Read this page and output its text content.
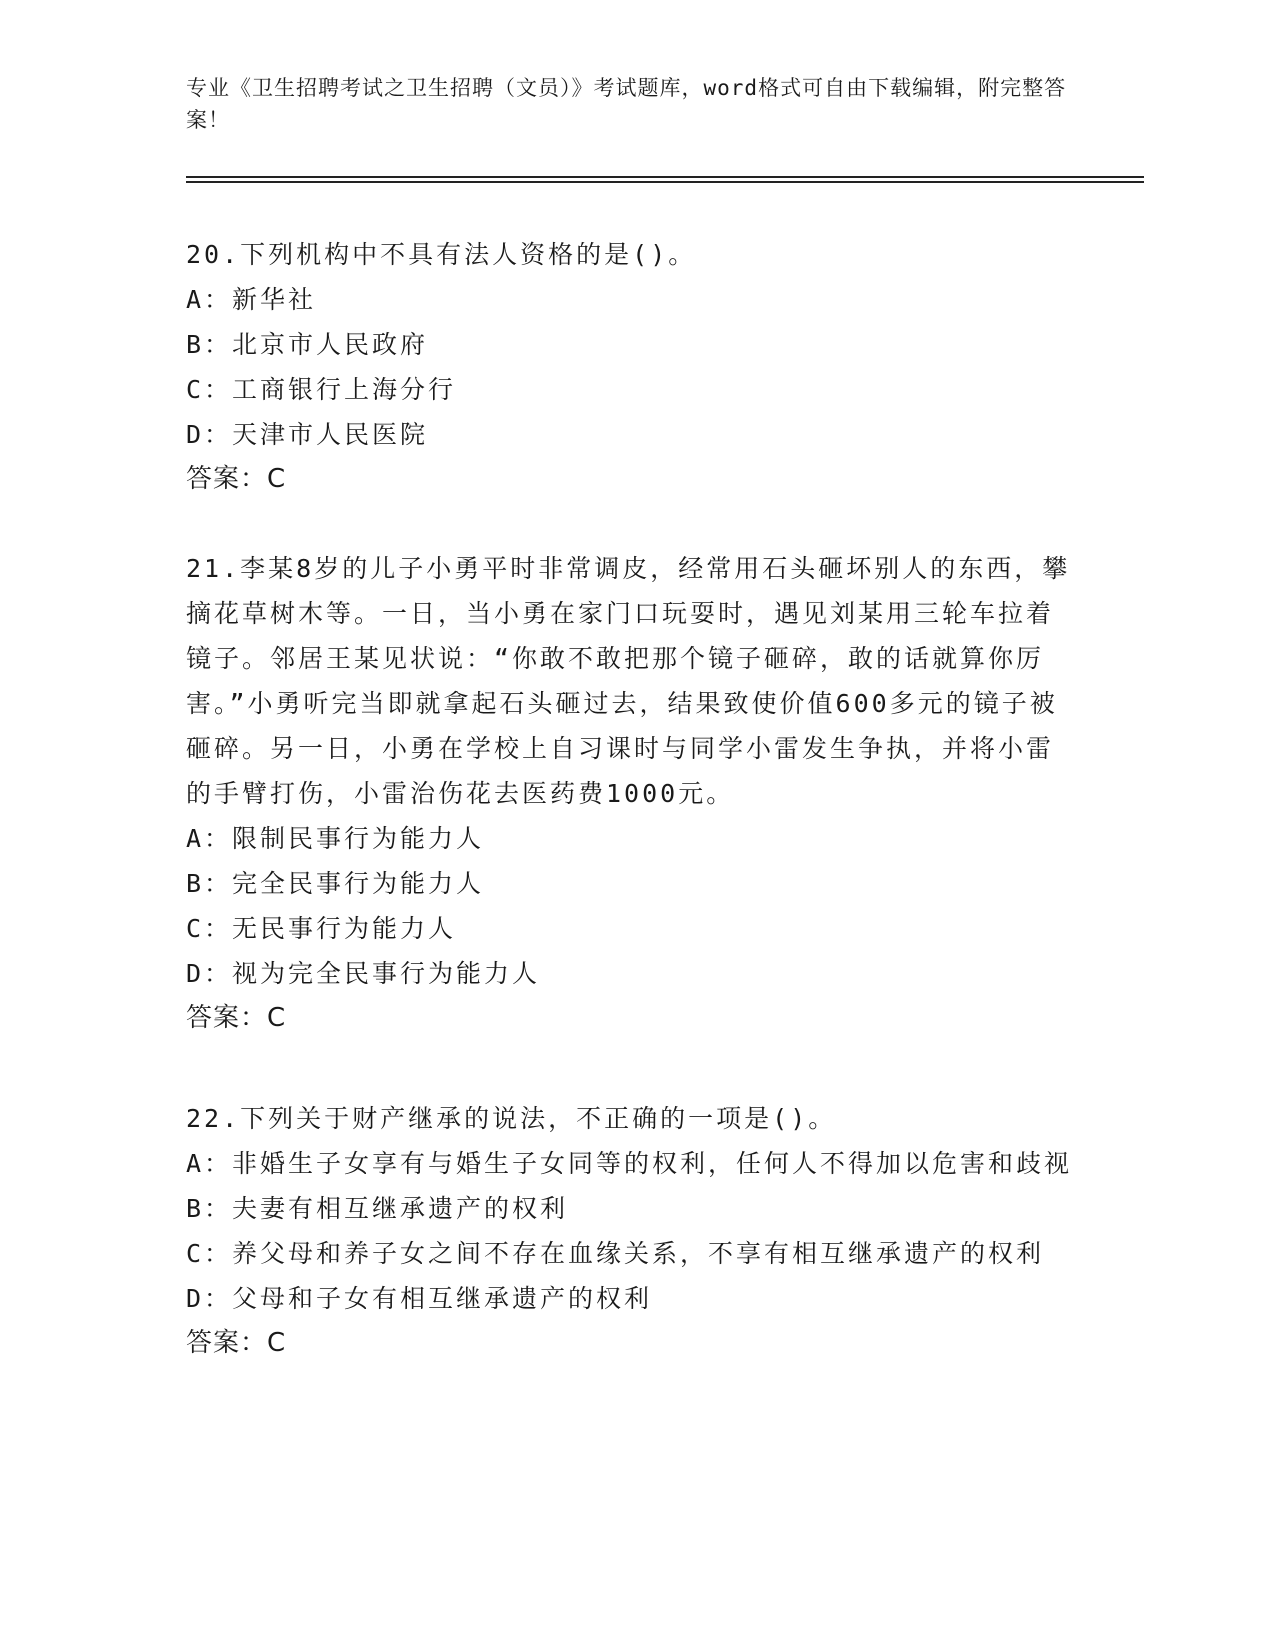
专业《卫生招聘考试之卫生招聘（文员）》考试题库，word格式可自由下载编辑，附完整答案！

20.下列机构中不具有法人资格的是()。

A：新华社

B：北京市人民政府

C：工商银行上海分行

D：天津市人民医院

答案：C

21.李某8岁的儿子小勇平时非常调皮，经常用石头砸坏别人的东西，攀摘花草树木等。一日，当小勇在家门口玩耍时，遇见刘某用三轮车拉着镜子。邻居王某见状说：“你敢不敢把那个镜子砸碎，敢的话就算你厉害。”小勇听完当即就拿起石头砸过去，结果致使价值600多元的镜子被砸碎。另一日，小勇在学校上自习课时与同学小雷发生争执，并将小雷的手臂打伤，小雷治伤花去医药费1000元。

A：限制民事行为能力人

B：完全民事行为能力人

C：无民事行为能力人

D：视为完全民事行为能力人

答案：C

22.下列关于财产继承的说法，不正确的一项是()。

A：非婚生子女享有与婚生子女同等的权利，任何人不得加以危害和歧视

B：夫妻有相互继承遗产的权利

C：养父母和养子女之间不存在血缘关系，不享有相互继承遗产的权利

D：父母和子女有相互继承遗产的权利

答案：C
